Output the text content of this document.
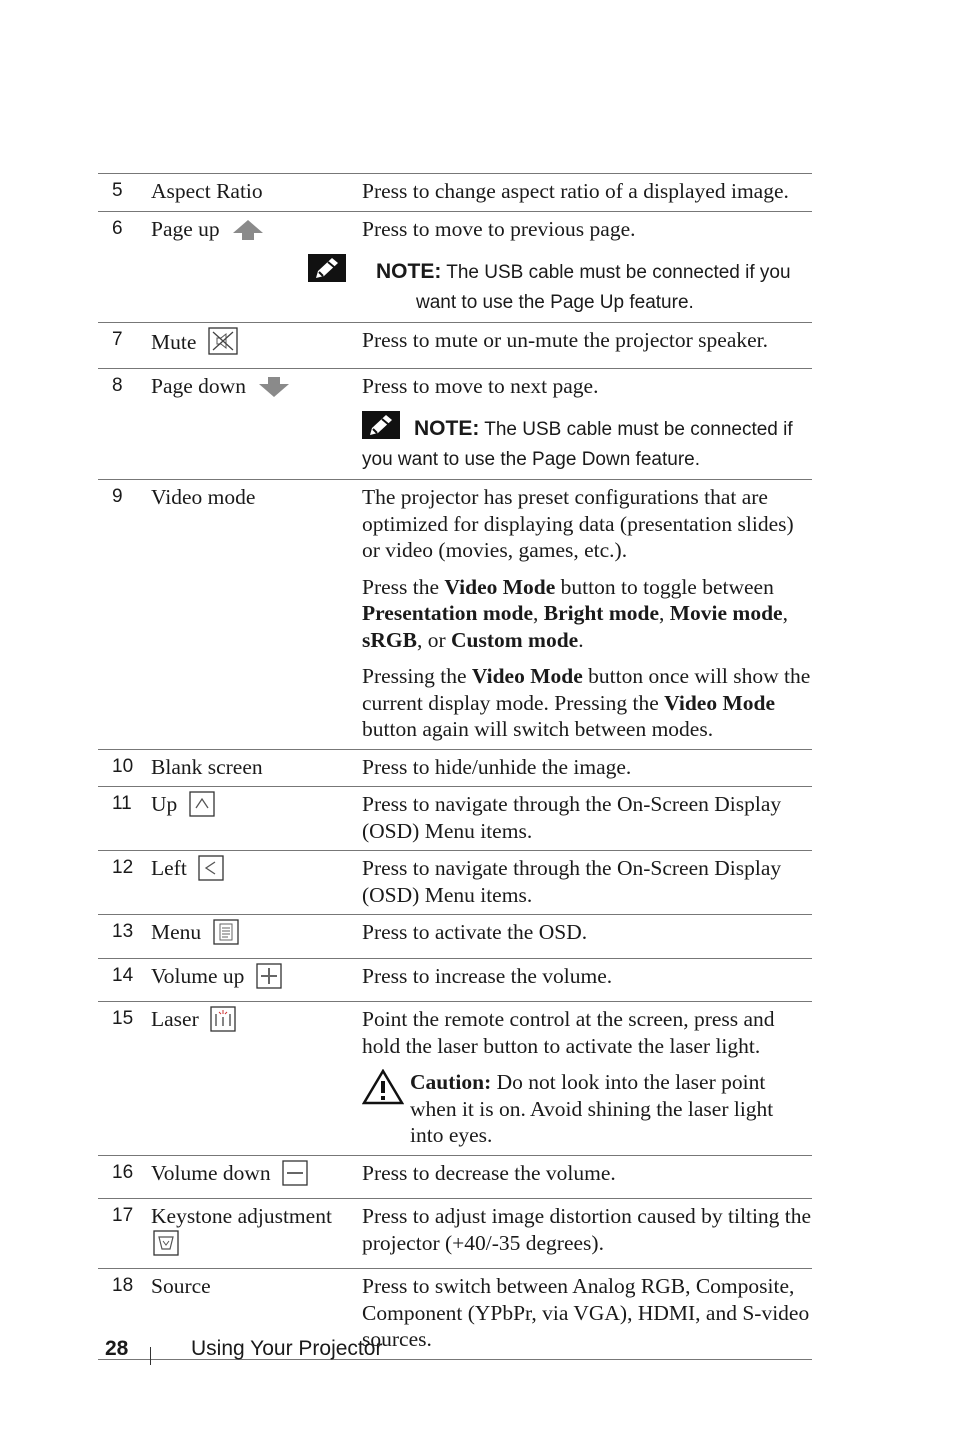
5	Aspect Ratio	Press to change aspect ratio of a displayed image.
6	Page up	Press to move to previous page.
NOTE: The USB cable must be connected if you want to use the Page Up feature.

7	Mute	Press to mute or un-mute the projector speaker.
8	Page down	Press to move to next page.
NOTE: The USB cable must be connected if you want to use the Page Down feature.

9	Video mode	The projector has preset configurations that are optimized for displaying data (presentation slides) or video (movies, games, etc.).

Press the Video Mode button to toggle between Presentation mode, Bright mode, Movie mode, sRGB, or Custom mode.

Pressing the Video Mode button once will show the current display mode. Pressing the Video Mode button again will switch between modes.

10	Blank screen	Press to hide/unhide the image.
11	Up	Press to navigate through the On-Screen Display (OSD) Menu items.
12	Left	Press to navigate through the On-Screen Display (OSD) Menu items.
13	Menu	Press to activate the OSD.
14	Volume up	Press to increase the volume.
15	Laser	Point the remote control at the screen, press and hold the laser button to activate the laser light.
Caution: Do not look into the laser point when it is on. Avoid shining the laser light into eyes.

16	Volume down	Press to decrease the volume.
17	Keystone adjustment	Press to adjust image distortion caused by tilting the projector (+40/-35 degrees).
18	Source	Press to switch between Analog RGB, Composite, Component (YPbPr, via VGA), HDMI, and S-video sources.
28	Using Your Projector
